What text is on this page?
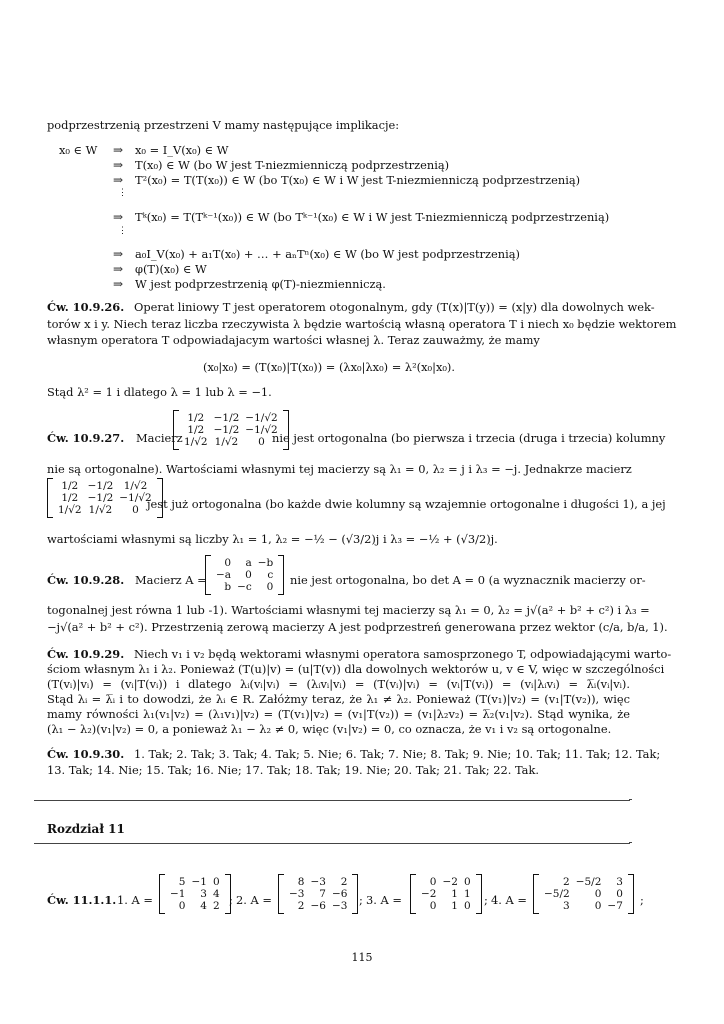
podprzestrzenią przestrzeni V mamy następujące implikacje:
x₀ ∈ W ⇒ x₀ = I_V(x₀) ∈ W
⇒ T(x₀) ∈ W (bo W jest T-niezmienniczą podprzestrzenią)
⇒ T²(x₀) = T(T(x₀)) ∈ W (bo T(x₀) ∈ W i W jest T-niezmienniczą podprzestrzenią)
⋮
⇒ Tᵏ(x₀) = T(Tᵏ⁻¹(x₀)) ∈ W (bo Tᵏ⁻¹(x₀) ∈ W i W jest T-niezmienniczą podprzestrzenią)
⋮
⇒ a₀I_V(x₀) + a₁T(x₀) + … + aₙTⁿ(x₀) ∈ W (bo W jest podprzestrzenią)
⇒ φ(T)(x₀) ∈ W
⇒ W jest podprzestrzenią φ(T)-niezmienniczą.
Ćw. 10.9.26. Operat liniowy T jest operatorem otogonalnym, gdy (T(x)|T(y)) = (x|y) dla dowolnych wek-
torów x i y. Niech teraz liczba rzeczywista λ będzie wartością własną operatora T i niech x₀ będzie wektorem
własnym operatora T odpowiadajacym wartości własnej λ. Teraz zauważmy, że mamy
(x₀|x₀) = (T(x₀)|T(x₀)) = (λx₀|λx₀) = λ²(x₀|x₀).
Stąd λ² = 1 i dlatego λ = 1 lub λ = −1.
Ćw. 10.9.27. Macierz
1/2	−1/2	−1/√2
1/2	−1/2	−1/√2
1/√2	1/√2	0 nie jest ortogonalna (bo pierwsza i trzecia (druga i trzecia) kolumny
nie są ortogonalne). Wartościami własnymi tej macierzy są λ₁ = 0, λ₂ = j i λ₃ = −j. Jednakrze macierz
1/2	−1/2	1/√2
1/2	−1/2	−1/√2
1/√2	1/√2	0 jest już ortogonalna (bo każde dwie kolumny są wzajemnie ortogonalne i długości 1), a jej
wartościami własnymi są liczby λ₁ = 1, λ₂ = −½ − (√3/2)j i λ₃ = −½ + (√3/2)j.
Ćw. 10.9.28. Macierz A =
0	a	−b
−a	0	c
b	−c	0 nie jest ortogonalna, bo det A = 0 (a wyznacznik macierzy or-
togonalnej jest równa 1 lub -1). Wartościami własnymi tej macierzy są λ₁ = 0, λ₂ = j√(a² + b² + c²) i λ₃ =
−j√(a² + b² + c²). Przestrzenią zerową macierzy A jest podprzestreń generowana przez wektor (c/a, b/a, 1).
Ćw. 10.9.29. Niech v₁ i v₂ będą wektorami własnymi operatora samosprzonego T, odpowiadającymi warto-
ściom własnym λ₁ i λ₂. Ponieważ (T(u)|v) = (u|T(v)) dla dowolnych wektorów u, v ∈ V, więc w szczególności
(T(vᵢ)|vᵢ) = (vᵢ|T(vᵢ)) i dlatego λᵢ(vᵢ|vᵢ) = (λᵢvᵢ|vᵢ) = (T(vᵢ)|vᵢ) = (vᵢ|T(vᵢ)) = (vᵢ|λᵢvᵢ) = λ̅ᵢ(vᵢ|vᵢ).
Stąd λᵢ = λ̅ᵢ i to dowodzi, że λᵢ ∈ R. Załóżmy teraz, że λ₁ ≠ λ₂. Ponieważ (T(v₁)|v₂) = (v₁|T(v₂)), więc
mamy równości λ₁(v₁|v₂) = (λ₁v₁)|v₂) = (T(v₁)|v₂) = (v₁|T(v₂)) = (v₁|λ₂v₂) = λ̅₂(v₁|v₂). Stąd wynika, że
(λ₁ − λ₂)(v₁|v₂) = 0, a ponieważ λ₁ − λ₂ ≠ 0, więc (v₁|v₂) = 0, co oznacza, że v₁ i v₂ są ortogonalne.
Ćw. 10.9.30. 1. Tak; 2. Tak; 3. Tak; 4. Tak; 5. Nie; 6. Tak; 7. Nie; 8. Tak; 9. Nie; 10. Tak; 11. Tak; 12. Tak;
13. Tak; 14. Nie; 15. Tak; 16. Nie; 17. Tak; 18. Tak; 19. Nie; 20. Tak; 21. Tak; 22. Tak.
Rozdział 11
Ćw. 11.1.1. 1. A =
5	−1	0
−1	3	4
0	4	2 ; 2. A =
8	−3	2
−3	7	−6
2	−6	−3 ; 3. A =
0	−2	0
−2	1	1
0	1	0 ; 4. A =
2	−5/2	3
−5/2	0	0
3	0	−7 ;
115
